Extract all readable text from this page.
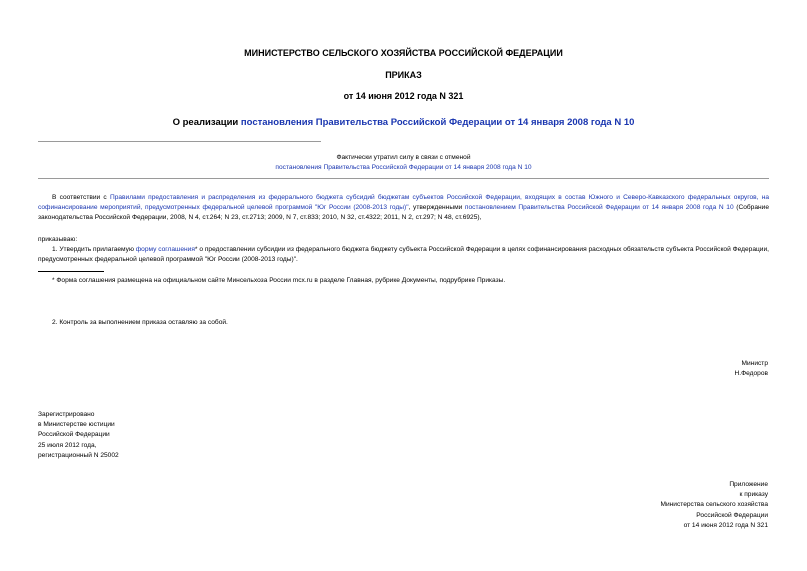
МИНИСТЕРСТВО СЕЛЬСКОГО ХОЗЯЙСТВА РОССИЙСКОЙ ФЕДЕРАЦИИ
ПРИКАЗ
от 14 июня 2012 года N 321
О реализации постановления Правительства Российской Федерации от 14 января 2008 года N 10
Фактически утратил силу в связи с отменой
постановления Правительства Российской Федерации от 14 января 2008 года N 10
В соответствии с Правилами предоставления и распределения из федерального бюджета субсидий бюджетам субъектов Российской Федерации, входящих в состав Южного и Северо-Кавказского федеральных округов, на софинансирование мероприятий, предусмотренных федеральной целевой программой "Юг России (2008-2013 годы)", утвержденными постановлением Правительства Российской Федерации от 14 января 2008 года N 10 (Собрание законодательства Российской Федерации, 2008, N 4, ст.264; N 23, ст.2713; 2009, N 7, ст.833; 2010, N 32, ст.4322; 2011, N 2, ст.297; N 48, ст.6925),
приказываю:
1. Утвердить прилагаемую форму соглашения* о предоставлении субсидии из федерального бюджета бюджету субъекта Российской Федерации в целях софинансирования расходных обязательств субъекта Российской Федерации, предусмотренных федеральной целевой программой "Юг России (2008-2013 годы)".
* Форма соглашения размещена на официальном сайте Минсельхоза России mcx.ru в разделе Главная, рубрике Документы, подрубрике Приказы.
2. Контроль за выполнением приказа оставляю за собой.
Министр
Н.Федоров
Зарегистрировано
в Министерстве юстиции
Российской Федерации
25 июля 2012 года,
регистрационный N 25002
Приложение
к приказу
Министерства сельского хозяйства
Российской Федерации
от 14 июня 2012 года N 321
